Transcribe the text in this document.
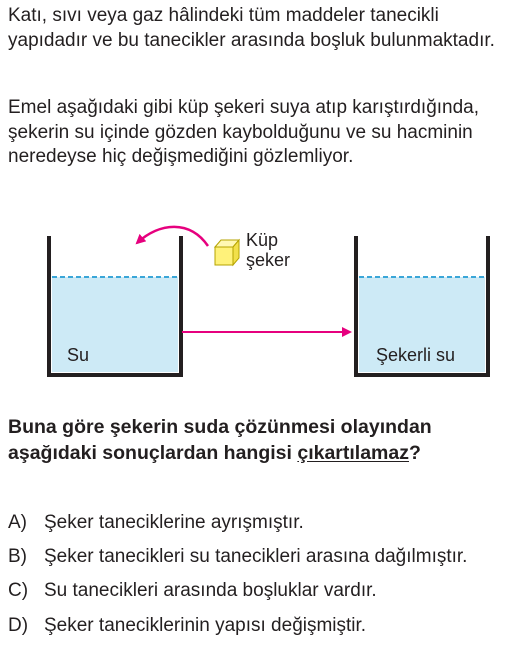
Katı, sıvı veya gaz hâlindeki tüm maddeler tanecikli yapıdadır ve bu tanecikler arasında boşluk bulunmaktadır.

Emel aşağıdaki gibi küp şekeri suya atıp karıştırdığında, şekerin su içinde gözden kaybolduğunu ve su hacminin neredeyse hiç değişmediğini gözlemliyor.

Küp
şeker
Su	Şekerli su

Buna göre şekerin suda çözünmesi olayından aşağıdaki sonuçlardan hangisi çıkartılamaz?

A) Şeker taneciklerine ayrışmıştır.
B) Şeker tanecikleri su tanecikleri arasına dağılmıştır.
C) Su tanecikleri arasında boşluklar vardır.
D) Şeker taneciklerinin yapısı değişmiştir.
